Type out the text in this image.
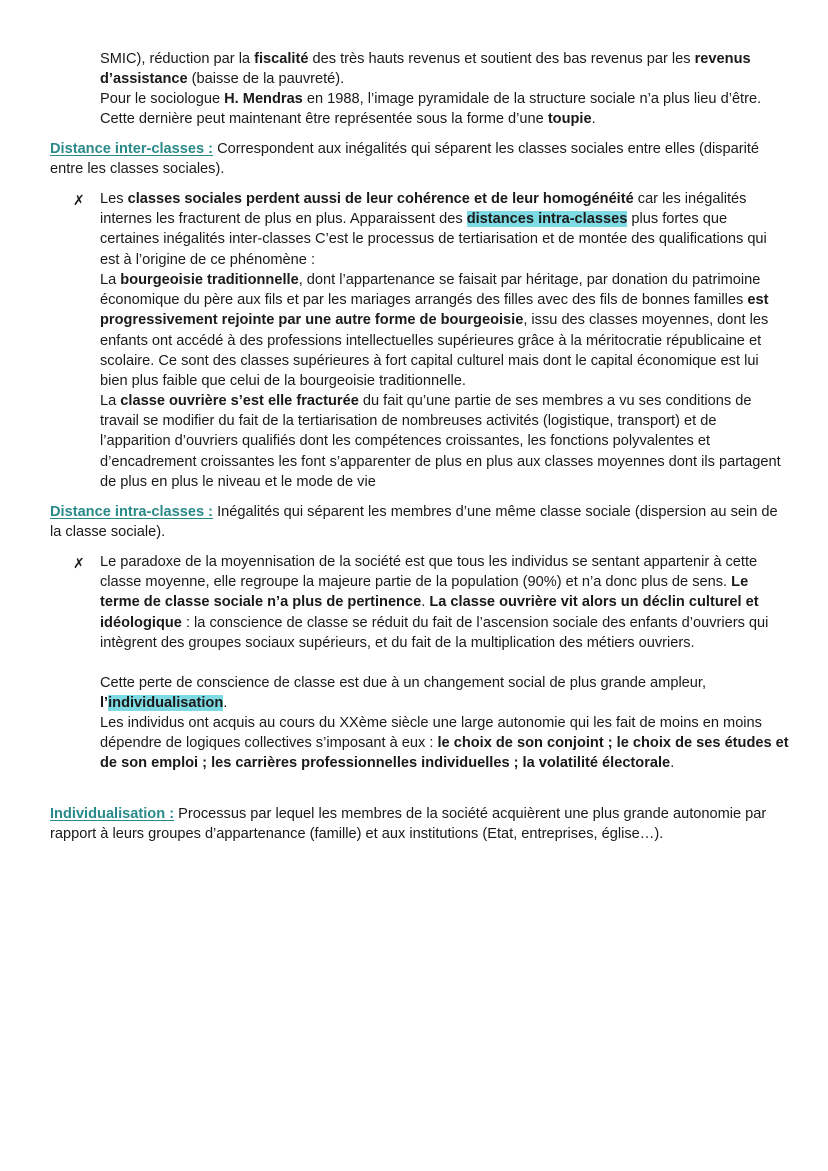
SMIC), réduction par la fiscalité des très hauts revenus et soutient des bas revenus par les revenus d’assistance (baisse de la pauvreté).

Pour le sociologue H. Mendras en 1988, l’image pyramidale de la structure sociale n’a plus lieu d’être. Cette dernière peut maintenant être représentée sous la forme d’une toupie.

Distance inter-classes : Correspondent aux inégalités qui séparent les classes sociales entre elles (disparité entre les classes sociales).

✗ Les classes sociales perdent aussi de leur cohérence et de leur homogénéité car les inégalités internes les fracturent de plus en plus. Apparaissent des distances intra-classes plus fortes que certaines inégalités inter-classes C’est le processus de tertiarisation et de montée des qualifications qui est à l’origine de ce phénomène :

La bourgeoisie traditionnelle, dont l’appartenance se faisait par héritage, par donation du patrimoine économique du père aux fils et par les mariages arrangés des filles avec des fils de bonnes familles est progressivement rejointe par une autre forme de bourgeoisie, issu des classes moyennes, dont les enfants ont accédé à des professions intellectuelles supérieures grâce à la méritocratie républicaine et scolaire. Ce sont des classes supérieures à fort capital culturel mais dont le capital économique est lui bien plus faible que celui de la bourgeoisie traditionnelle.

La classe ouvrière s’est elle fracturée du fait qu’une partie de ses membres a vu ses conditions de travail se modifier du fait de la tertiarisation de nombreuses activités (logistique, transport) et de l’apparition d’ouvriers qualifiés dont les compétences croissantes, les fonctions polyvalentes et d’encadrement croissantes les font s’apparenter de plus en plus aux classes moyennes dont ils partagent de plus en plus le niveau et le mode de vie

Distance intra-classes : Inégalités qui séparent les membres d’une même classe sociale (dispersion au sein de la classe sociale).

✗ Le paradoxe de la moyennisation de la société est que tous les individus se sentant appartenir à cette classe moyenne, elle regroupe la majeure partie de la population (90%) et n’a donc plus de sens. Le terme de classe sociale n’a plus de pertinence. La classe ouvrière vit alors un déclin culturel et idéologique : la conscience de classe se réduit du fait de l’ascension sociale des enfants d’ouvriers qui intègrent des groupes sociaux supérieurs, et du fait de la multiplication des métiers ouvriers.

Cette perte de conscience de classe est due à un changement social de plus grande ampleur, l’individualisation.

Les individus ont acquis au cours du XXème siècle une large autonomie qui les fait de moins en moins dépendre de logiques collectives s’imposant à eux : le choix de son conjoint ; le choix de ses études et de son emploi ; les carrières professionnelles individuelles ; la volatilité électorale.

Individualisation : Processus par lequel les membres de la société acquièrent une plus grande autonomie par rapport à leurs groupes d’appartenance (famille) et aux institutions (Etat, entreprises, église…).
